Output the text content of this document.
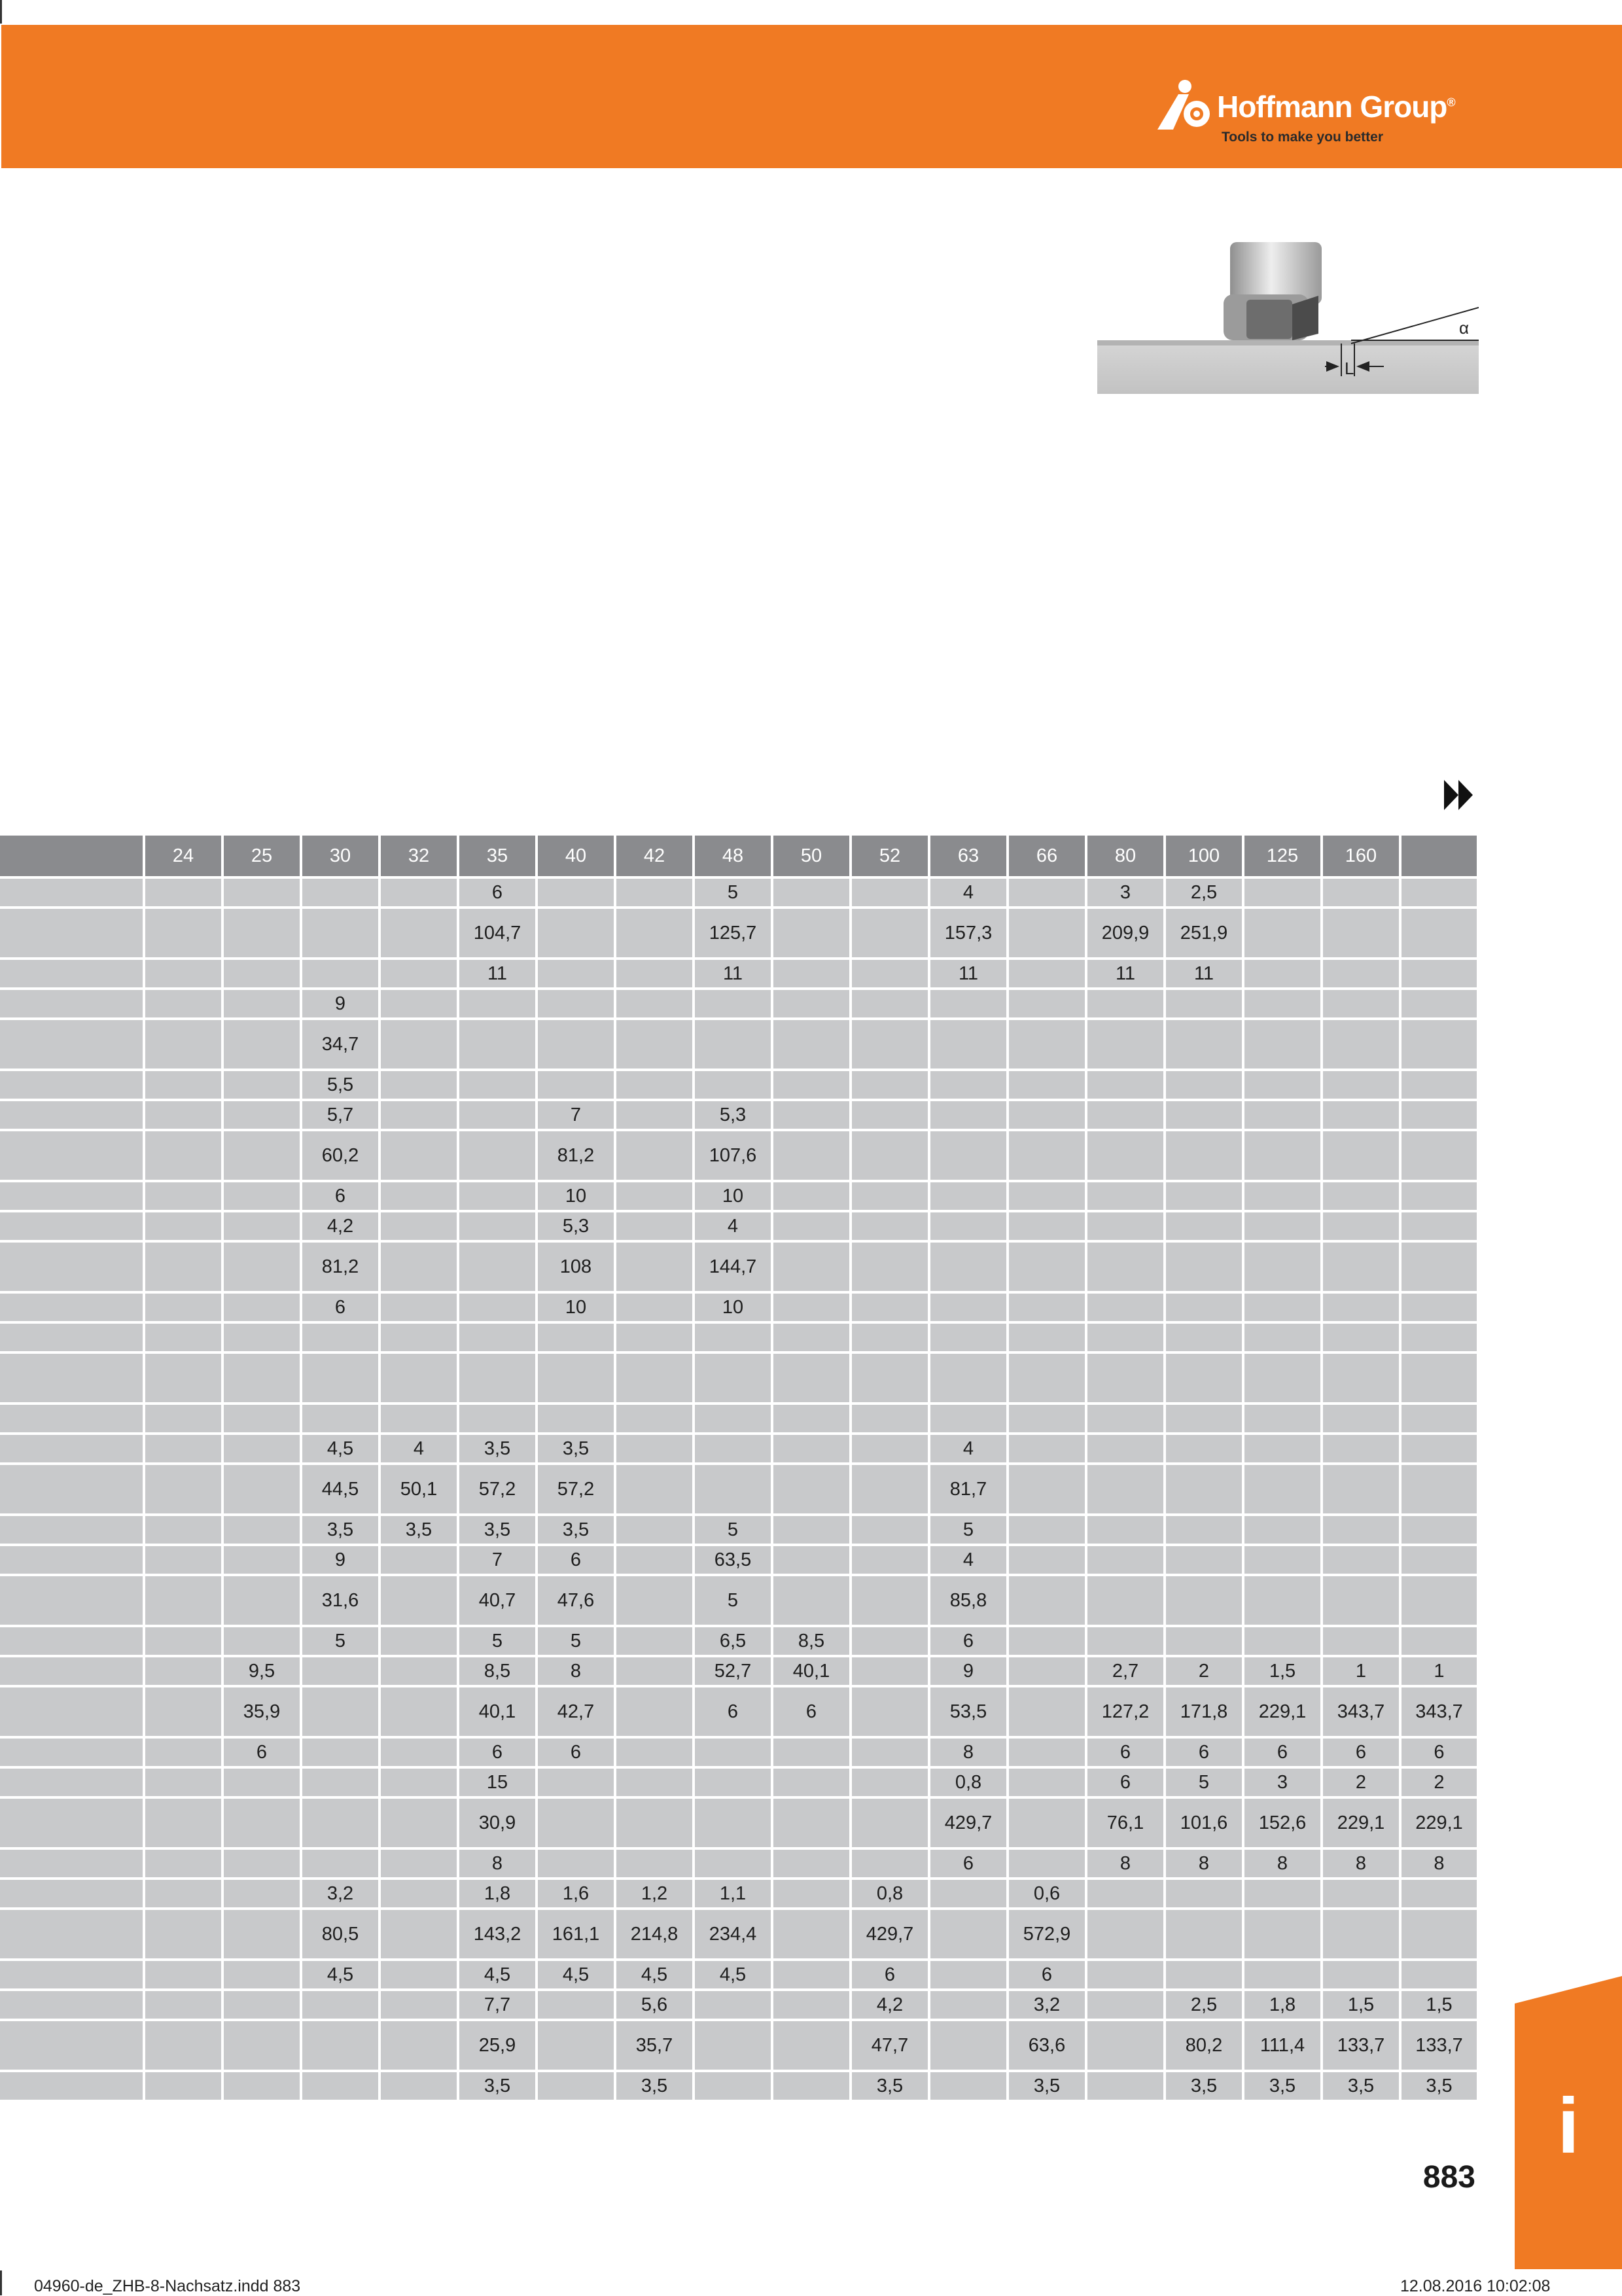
Hoffmann Group®
Tools to make you better
α
L
	24	25	30	32	35	40	42	48	50	52	63	66	80	100	125	160	
					6			5			4		3	2,5			
					104,7			125,7			157,3		209,9	251,9			
					11			11			11		11	11			
			9														
			34,7														
			5,5														
			5,7			7		5,3									
			60,2			81,2		107,6									
			6			10		10									
			4,2			5,3		4									
			81,2			108		144,7									
			6			10		10									

			4,5	4	3,5	3,5					4						
			44,5	50,1	57,2	57,2					81,7						
			3,5	3,5	3,5	3,5		5			5						
			9		7	6		63,5			4						
			31,6		40,7	47,6		5			85,8						
			5		5	5		6,5	8,5		6						
		9,5			8,5	8		52,7	40,1		9		2,7	2	1,5	1	1
		35,9			40,1	42,7		6	6		53,5		127,2	171,8	229,1	343,7	343,7
		6			6	6					8		6	6	6	6	6
					15						0,8		6	5	3	2	2
					30,9						429,7		76,1	101,6	152,6	229,1	229,1
					8						6		8	8	8	8	8
			3,2		1,8	1,6	1,2	1,1		0,8		0,6					
			80,5		143,2	161,1	214,8	234,4		429,7		572,9					
			4,5		4,5	4,5	4,5	4,5		6		6					
					7,7		5,6			4,2		3,2		2,5	1,8	1,5	1,5
					25,9		35,7			47,7		63,6		80,2	111,4	133,7	133,7
					3,5		3,5			3,5		3,5		3,5	3,5	3,5	3,5 i
883
04960-de_ZHB-8-Nachsatz.indd 883	12.08.2016 10:02:08
